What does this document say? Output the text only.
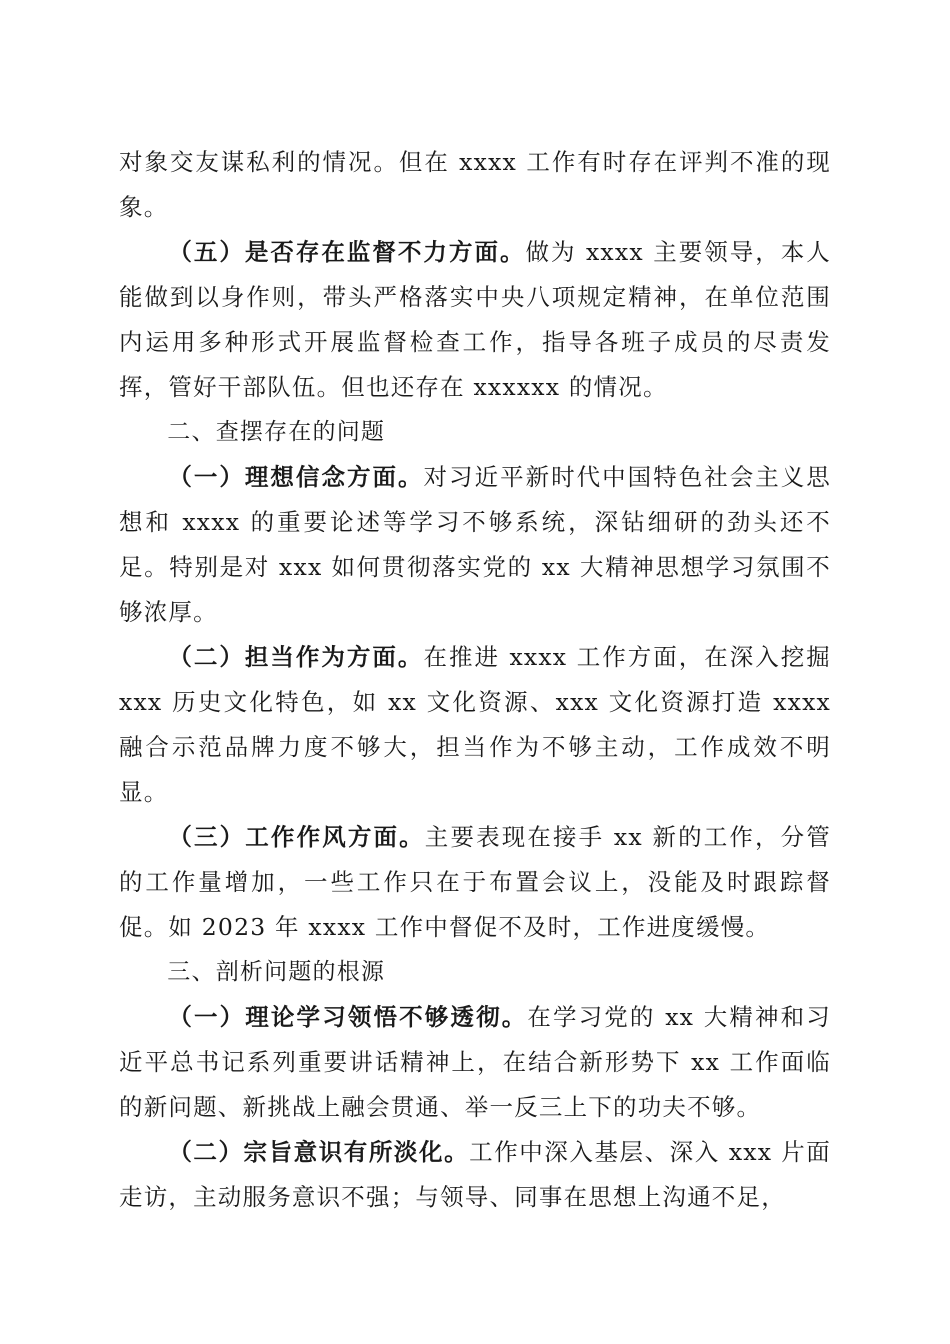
对象交友谋私利的情况。但在 xxxx 工作有时存在评判不准的现象。

（五）是否存在监督不力方面。做为 xxxx 主要领导，本人能做到以身作则，带头严格落实中央八项规定精神，在单位范围内运用多种形式开展监督检查工作，指导各班子成员的尽责发挥，管好干部队伍。但也还存在 xxxxxx 的情况。

二、查摆存在的问题

（一）理想信念方面。对习近平新时代中国特色社会主义思想和 xxxx 的重要论述等学习不够系统，深钻细研的劲头还不足。特别是对 xxx 如何贯彻落实党的 xx 大精神思想学习氛围不够浓厚。

（二）担当作为方面。在推进 xxxx 工作方面，在深入挖掘 xxx 历史文化特色，如 xx 文化资源、xxx 文化资源打造 xxxx 融合示范品牌力度不够大，担当作为不够主动，工作成效不明显。

（三）工作作风方面。主要表现在接手 xx 新的工作，分管的工作量增加，一些工作只在于布置会议上，没能及时跟踪督促。如 2023 年 xxxx 工作中督促不及时，工作进度缓慢。

三、剖析问题的根源

（一）理论学习领悟不够透彻。在学习党的 xx 大精神和习近平总书记系列重要讲话精神上，在结合新形势下 xx 工作面临的新问题、新挑战上融会贯通、举一反三上下的功夫不够。

（二）宗旨意识有所淡化。工作中深入基层、深入 xxx 片面走访，主动服务意识不强；与领导、同事在思想上沟通不足，
